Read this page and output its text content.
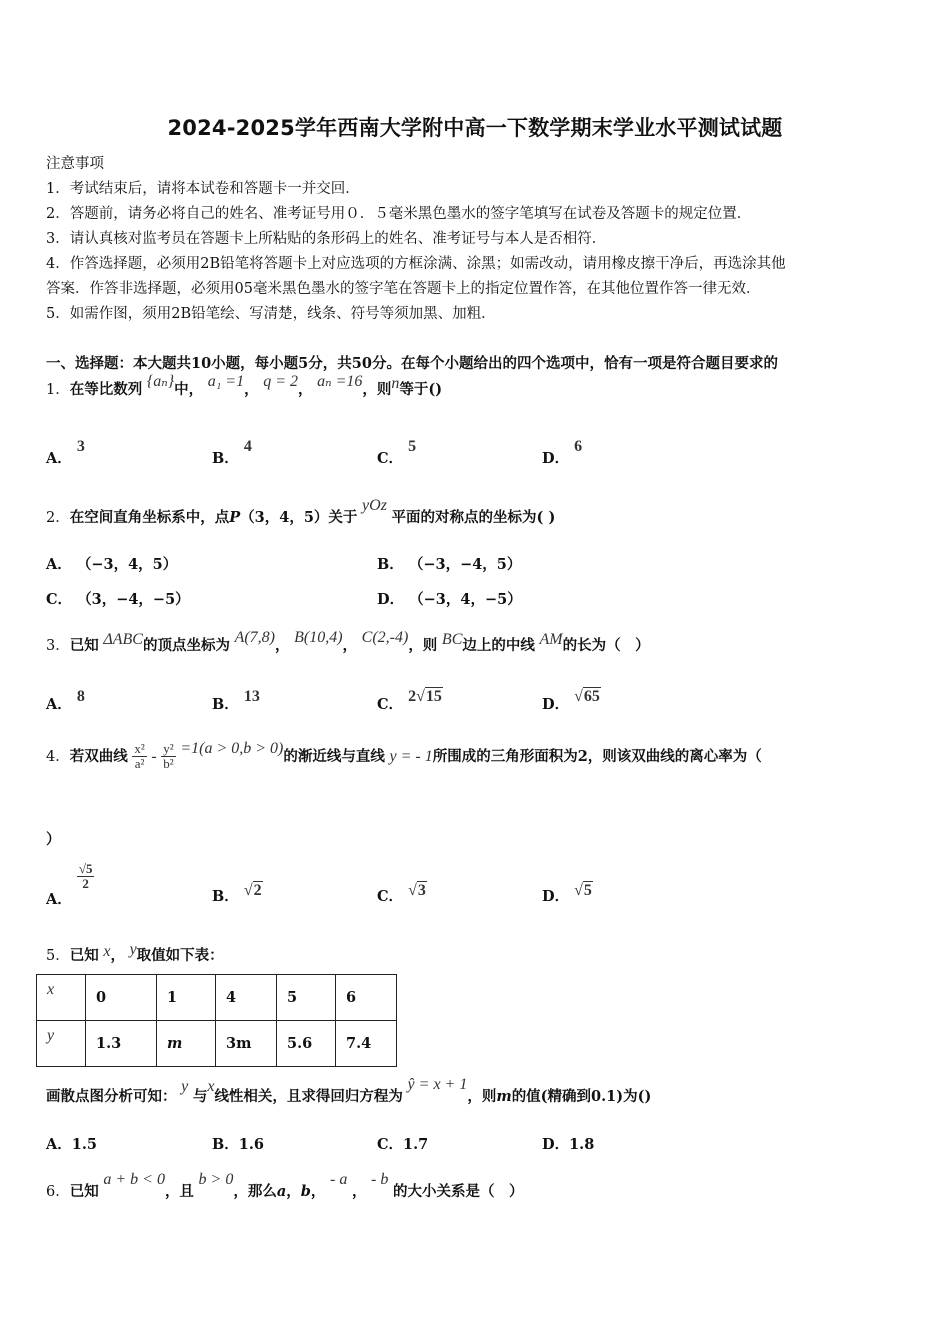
2024-2025学年西南大学附中高一下数学期末学业水平测试试题
注意事项
1．考试结束后，请将本试卷和答题卡一并交回．
2．答题前，请务必将自己的姓名、准考证号用０．５毫米黑色墨水的签字笔填写在试卷及答题卡的规定位置．
3．请认真核对监考员在答题卡上所粘贴的条形码上的姓名、准考证号与本人是否相符．
4．作答选择题，必须用2B铅笔将答题卡上对应选项的方框涂满、涂黑；如需改动，请用橡皮擦干净后，再选涂其他
答案．作答非选择题，必须用05毫米黑色墨水的签字笔在答题卡上的指定位置作答，在其他位置作答一律无效．
5．如需作图，须用2B铅笔绘、写清楚，线条、符号等须加黑、加粗．
一、选择题：本大题共10小题，每小题5分，共50分。在每个小题给出的四个选项中，恰有一项是符合题目要求的
1．在等比数列 {aₙ}中， a₁ =1， q = 2， aₙ =16，则n等于()
A． 3
B． 4
C． 5
D． 6
2．在空间直角坐标系中，点P（3，4，5）关于 yOz 平面的对称点的坐标为( )
A． （−3，4，5）	B． （−3，−4，5）
C． （3，−4，−5）	D． （−3，4，−5）
3．已知 ΔABC的顶点坐标为 A(7,8)， B(10,4)， C(2,-4)，则 BC边上的中线 AM的长为（　）
A． 8	B． 13	C． 2√15	D． √65
4．若双曲线 $\frac{\text{x²}}{\text{a²}} - \frac{\text{y²}}{\text{b²}} =1(a > 0,b > 0)$的渐近线与直线 y = - 1所围成的三角形面积为2，则该双曲线的离心率为（
）
A．
$\frac{√5}{2}$
B． √2	C． √3	D． √5
5．已知 x， y取值如下表：
x	0	1	4	5	6
y	1.3	m	3m	5.6	7.4
画散点图分析可知： y 与x线性相关，且求得回归方程为 ŷ = x + 1，则m的值(精确到0.1)为()
A．1.5	B．1.6	C．1.7	D．1.8
6．已知 a + b < 0，且 b > 0，那么a，b， - a ， - b 的大小关系是（　）
